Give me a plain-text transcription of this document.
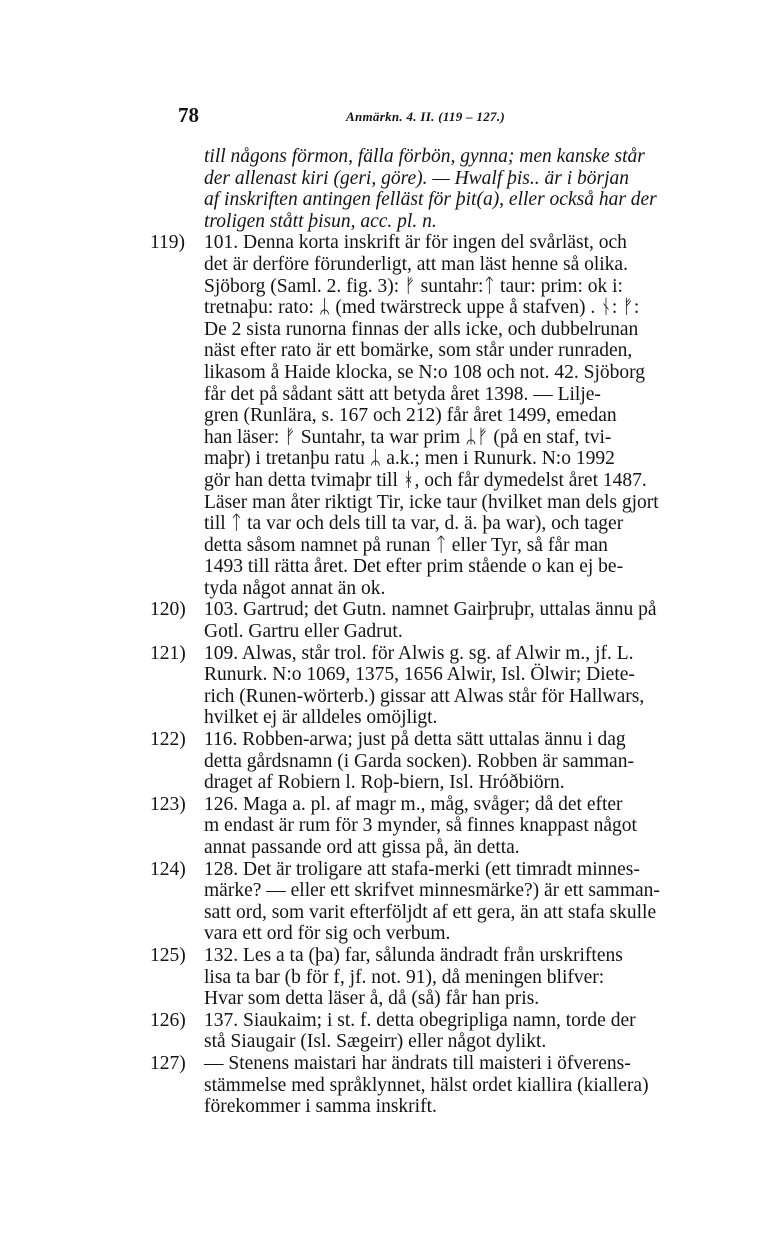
78	Anmärkn. 4. II. (119 – 127.)
till någons förmon, fälla förbön, gynna; men kanske står
der allenast kiri (geri, göre). — Hwalf þis.. är i början
af inskriften antingen felläst för þit(a), eller också har der
troligen stått þisun, acc. pl. n.
119) 101. Denna korta inskrift är för ingen del svårläst, och
det är derföre förunderligt, att man läst henne så olika.
Sjöborg (Saml. 2. fig. 3): ᚠ suntahr:ᛏ taur: prim: ok i:
tretnaþu: rato: ᛦ (med twärstreck uppe å stafven) . ᚾ: ᚠ:
De 2 sista runorna finnas der alls icke, och dubbelrunan
näst efter rato är ett bomärke, som står under runraden,
likasom å Haide klocka, se N:o 108 och not. 42. Sjöborg
får det på sådant sätt att betyda året 1398. — Lilje-
gren (Runlära, s. 167 och 212) får året 1499, emedan
han läser: ᚠ Suntahr, ta war prim ᛦᚠ (på en staf, tvi-
maþr) i tretanþu ratu ᛦ a.k.; men i Runurk. N:o 1992
gör han detta tvimaþr till ᚼ, och får dymedelst året 1487.
Läser man åter riktigt Tir, icke taur (hvilket man dels gjort
till ᛏ ta var och dels till ta var, d. ä. þa war), och tager
detta såsom namnet på runan ᛏ eller Tyr, så får man
1493 till rätta året. Det efter prim stående o kan ej be-
tyda något annat än ok.
120) 103. Gartrud; det Gutn. namnet Gairþruþr, uttalas ännu på
Gotl. Gartru eller Gadrut.
121) 109. Alwas, står trol. för Alwis g. sg. af Alwir m., jf. L.
Runurk. N:o 1069, 1375, 1656 Alwir, Isl. Ölwir; Diete-
rich (Runen-wörterb.) gissar att Alwas står för Hallwars,
hvilket ej är alldeles omöjligt.
122) 116. Robben-arwa; just på detta sätt uttalas ännu i dag
detta gårdsnamn (i Garda socken). Robben är samman-
draget af Robiern l. Roþ-biern, Isl. Hróðbiörn.
123) 126. Maga a. pl. af magr m., måg, svåger; då det efter
m endast är rum för 3 mynder, så finnes knappast något
annat passande ord att gissa på, än detta.
124) 128. Det är troligare att stafa-merki (ett timradt minnes-
märke? — eller ett skrifvet minnesmärke?) är ett samman-
satt ord, som varit efterföljdt af ett gera, än att stafa skulle
vara ett ord för sig och verbum.
125) 132. Les a ta (þa) far, sålunda ändradt från urskriftens
lisa ta bar (b för f, jf. not. 91), då meningen blifver:
Hvar som detta läser å, då (så) får han pris.
126) 137. Siaukaim; i st. f. detta obegripliga namn, torde der
stå Siaugair (Isl. Sægeirr) eller något dylikt.
127) — Stenens maistari har ändrats till maisteri i öfverens-
stämmelse med språklynnet, hälst ordet kiallira (kiallera)
förekommer i samma inskrift.
